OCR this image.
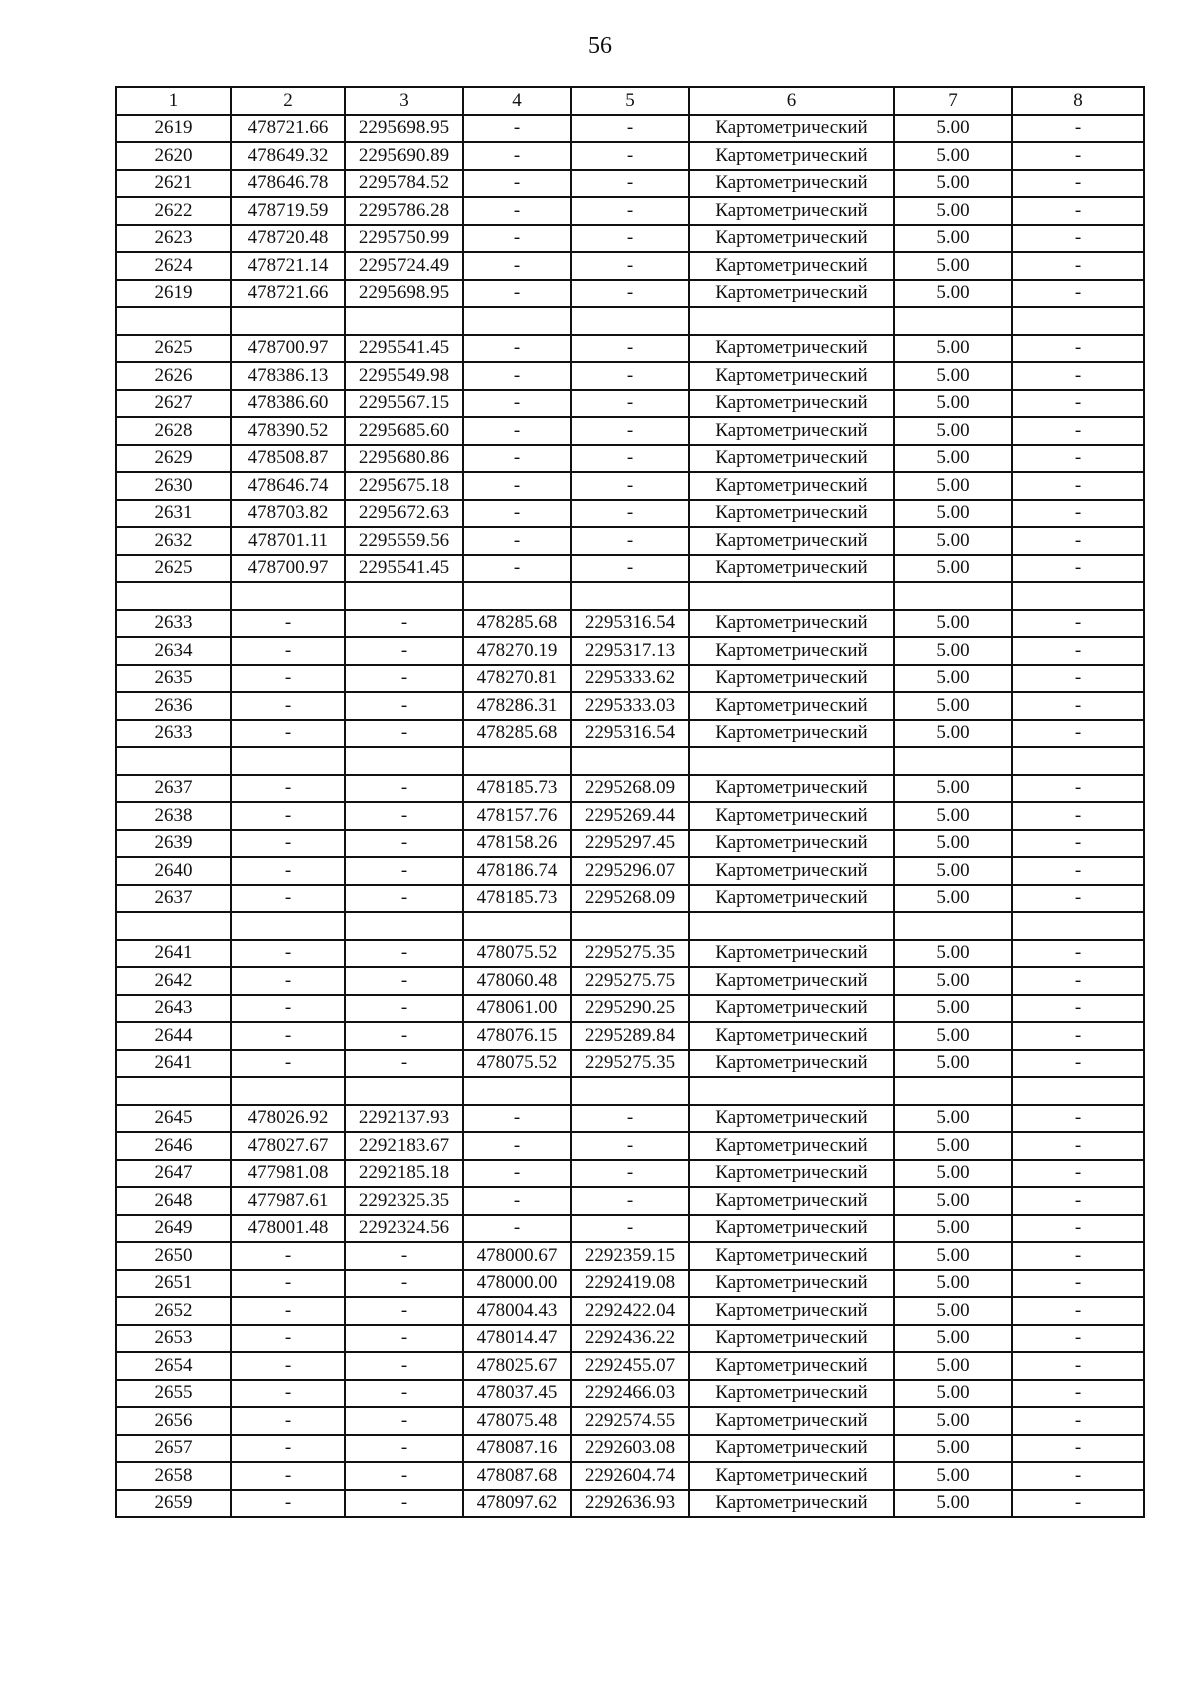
56
1	2	3	4	5	6	7	8
2619	478721.66	2295698.95	-	-	Картометрический	5.00	-
2620	478649.32	2295690.89	-	-	Картометрический	5.00	-
2621	478646.78	2295784.52	-	-	Картометрический	5.00	-
2622	478719.59	2295786.28	-	-	Картометрический	5.00	-
2623	478720.48	2295750.99	-	-	Картометрический	5.00	-
2624	478721.14	2295724.49	-	-	Картометрический	5.00	-
2619	478721.66	2295698.95	-	-	Картометрический	5.00	-

2625	478700.97	2295541.45	-	-	Картометрический	5.00	-
2626	478386.13	2295549.98	-	-	Картометрический	5.00	-
2627	478386.60	2295567.15	-	-	Картометрический	5.00	-
2628	478390.52	2295685.60	-	-	Картометрический	5.00	-
2629	478508.87	2295680.86	-	-	Картометрический	5.00	-
2630	478646.74	2295675.18	-	-	Картометрический	5.00	-
2631	478703.82	2295672.63	-	-	Картометрический	5.00	-
2632	478701.11	2295559.56	-	-	Картометрический	5.00	-
2625	478700.97	2295541.45	-	-	Картометрический	5.00	-

2633	-	-	478285.68	2295316.54	Картометрический	5.00	-
2634	-	-	478270.19	2295317.13	Картометрический	5.00	-
2635	-	-	478270.81	2295333.62	Картометрический	5.00	-
2636	-	-	478286.31	2295333.03	Картометрический	5.00	-
2633	-	-	478285.68	2295316.54	Картометрический	5.00	-

2637	-	-	478185.73	2295268.09	Картометрический	5.00	-
2638	-	-	478157.76	2295269.44	Картометрический	5.00	-
2639	-	-	478158.26	2295297.45	Картометрический	5.00	-
2640	-	-	478186.74	2295296.07	Картометрический	5.00	-
2637	-	-	478185.73	2295268.09	Картометрический	5.00	-

2641	-	-	478075.52	2295275.35	Картометрический	5.00	-
2642	-	-	478060.48	2295275.75	Картометрический	5.00	-
2643	-	-	478061.00	2295290.25	Картометрический	5.00	-
2644	-	-	478076.15	2295289.84	Картометрический	5.00	-
2641	-	-	478075.52	2295275.35	Картометрический	5.00	-

2645	478026.92	2292137.93	-	-	Картометрический	5.00	-
2646	478027.67	2292183.67	-	-	Картометрический	5.00	-
2647	477981.08	2292185.18	-	-	Картометрический	5.00	-
2648	477987.61	2292325.35	-	-	Картометрический	5.00	-
2649	478001.48	2292324.56	-	-	Картометрический	5.00	-
2650	-	-	478000.67	2292359.15	Картометрический	5.00	-
2651	-	-	478000.00	2292419.08	Картометрический	5.00	-
2652	-	-	478004.43	2292422.04	Картометрический	5.00	-
2653	-	-	478014.47	2292436.22	Картометрический	5.00	-
2654	-	-	478025.67	2292455.07	Картометрический	5.00	-
2655	-	-	478037.45	2292466.03	Картометрический	5.00	-
2656	-	-	478075.48	2292574.55	Картометрический	5.00	-
2657	-	-	478087.16	2292603.08	Картометрический	5.00	-
2658	-	-	478087.68	2292604.74	Картометрический	5.00	-
2659	-	-	478097.62	2292636.93	Картометрический	5.00	-
